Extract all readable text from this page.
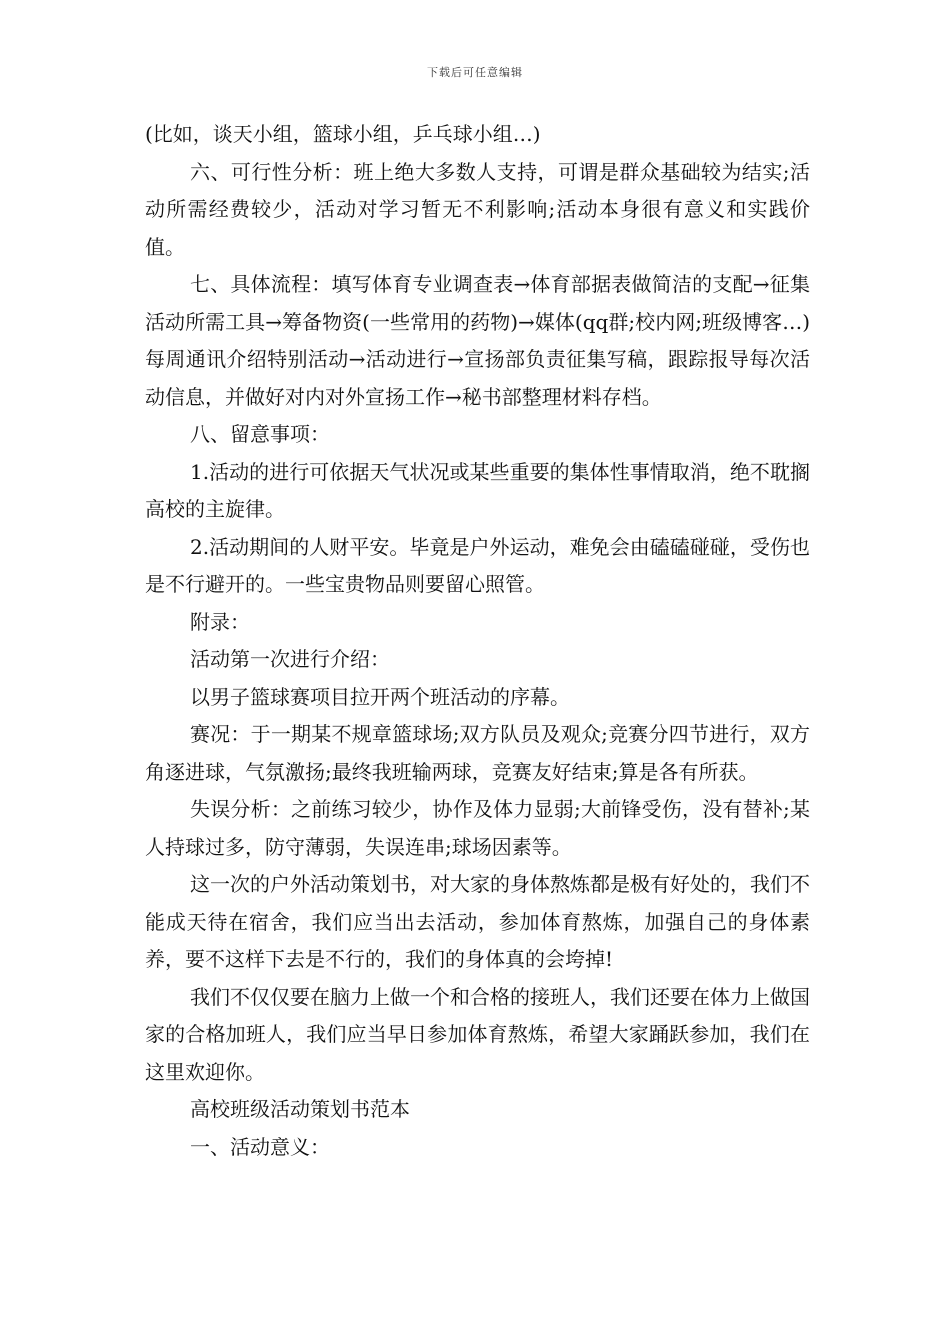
下载后可任意编辑

(比如，谈天小组，篮球小组，乒乓球小组…)

六、可行性分析：班上绝大多数人支持，可谓是群众基础较为结实;活动所需经费较少，活动对学习暂无不利影响;活动本身很有意义和实践价值。

七、具体流程：填写体育专业调查表→体育部据表做简洁的支配→征集活动所需工具→筹备物资(一些常用的药物)→媒体(qq群;校内网;班级博客…)每周通讯介绍特别活动→活动进行→宣扬部负责征集写稿，跟踪报导每次活动信息，并做好对内对外宣扬工作→秘书部整理材料存档。

八、留意事项：

1.活动的进行可依据天气状况或某些重要的集体性事情取消，绝不耽搁高校的主旋律。

2.活动期间的人财平安。毕竟是户外运动，难免会由磕磕碰碰，受伤也是不行避开的。一些宝贵物品则要留心照管。

附录：

活动第一次进行介绍：

以男子篮球赛项目拉开两个班活动的序幕。

赛况：于一期某不规章篮球场;双方队员及观众;竞赛分四节进行，双方角逐进球，气氛激扬;最终我班输两球，竞赛友好结束;算是各有所获。

失误分析：之前练习较少，协作及体力显弱;大前锋受伤，没有替补;某人持球过多，防守薄弱，失误连串;球场因素等。

这一次的户外活动策划书，对大家的身体熬炼都是极有好处的，我们不能成天待在宿舍，我们应当出去活动，参加体育熬炼，加强自己的身体素养，要不这样下去是不行的，我们的身体真的会垮掉!

我们不仅仅要在脑力上做一个和合格的接班人，我们还要在体力上做国家的合格加班人，我们应当早日参加体育熬炼，希望大家踊跃参加，我们在这里欢迎你。

高校班级活动策划书范本

一、活动意义：
